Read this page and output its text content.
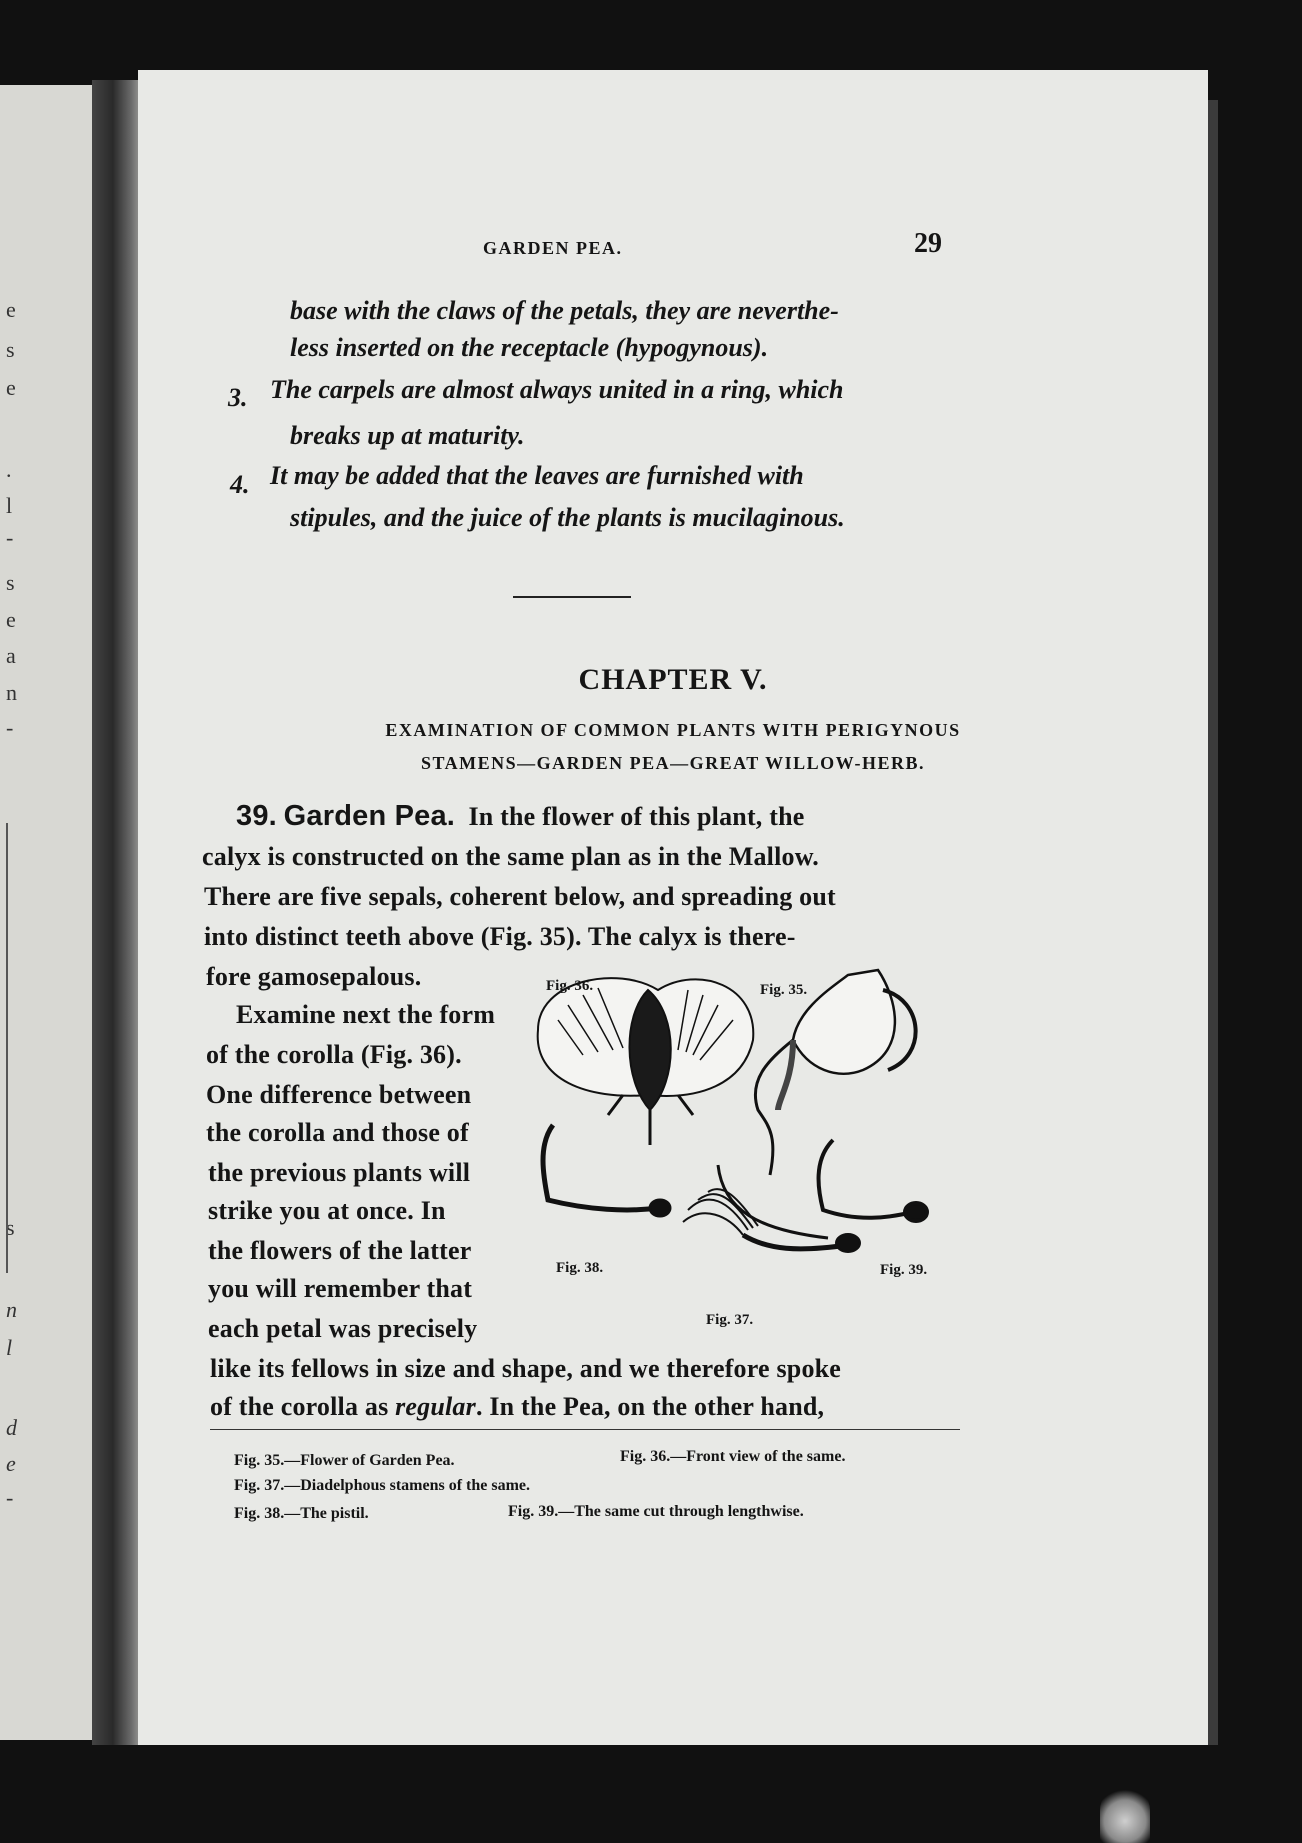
e
s
e
.
l
-
s
e
a
n
-
s
n
l
d
e
-
GARDEN PEA.	29
base with the claws of the petals, they are neverthe-
less inserted on the receptacle (hypogynous).
3. The carpels are almost always united in a ring, which
breaks up at maturity.
4. It may be added that the leaves are furnished with
stipules, and the juice of the plants is mucilaginous.
CHAPTER V.
EXAMINATION OF COMMON PLANTS WITH PERIGYNOUS
STAMENS—GARDEN PEA—GREAT WILLOW-HERB.
39. Garden Pea. In the flower of this plant, the
calyx is constructed on the same plan as in the Mallow.
There are five sepals, coherent below, and spreading out
into distinct teeth above (Fig. 35). The calyx is there-
fore gamosepalous.
Examine next the form
of the corolla (Fig. 36).
One difference between
the corolla and those of
the previous plants will
strike you at once. In
the flowers of the latter
you will remember that
each petal was precisely
like its fellows in size and shape, and we therefore spoke
of the corolla as regular. In the Pea, on the other hand,
Fig. 36.	Fig. 35.
Fig. 38.	Fig. 39.
Fig. 37.
Fig. 35.—Flower of Garden Pea.	Fig. 36.—Front view of the same.
Fig. 37.—Diadelphous stamens of the same.
Fig. 38.—The pistil.	Fig. 39.—The same cut through lengthwise.
